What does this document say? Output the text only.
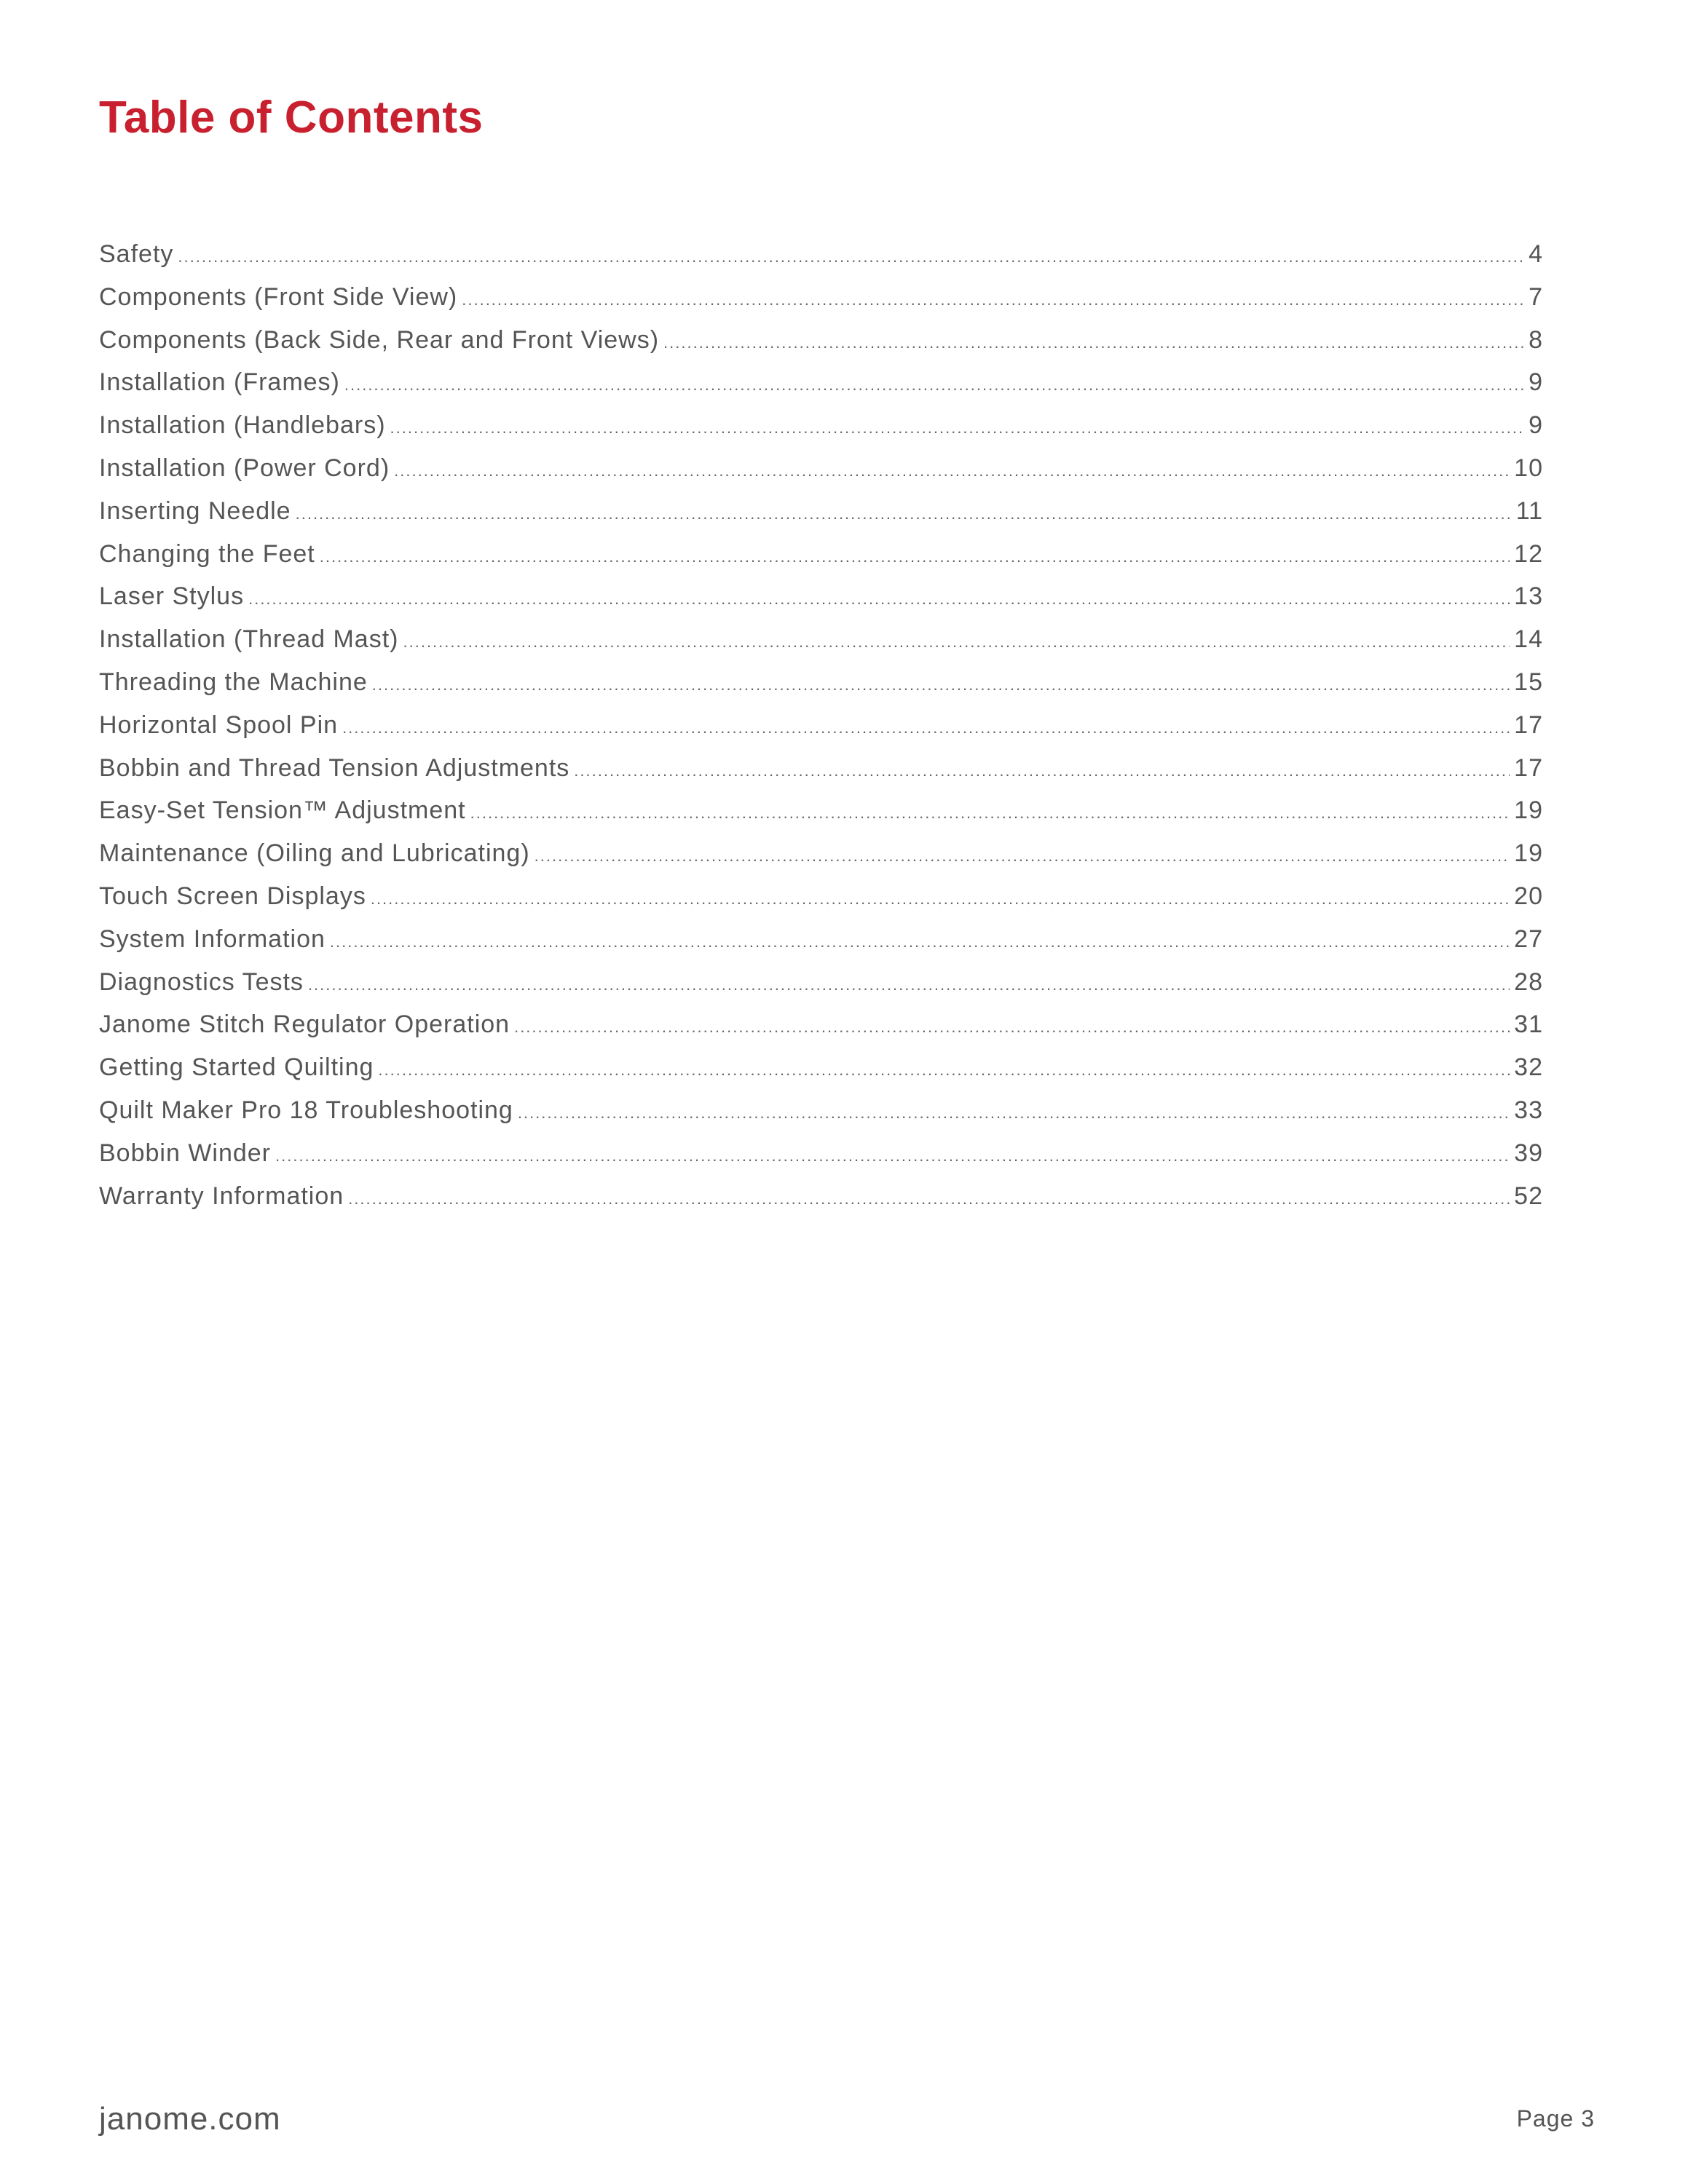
Table of Contents
Safety .....	4
Components (Front Side View) .....	7
Components (Back Side, Rear and Front Views) .....	8
Installation (Frames) .....	9
Installation (Handlebars) .....	9
Installation (Power Cord) .....	10
Inserting Needle .....	11
Changing the Feet .....	12
Laser Stylus .....	13
Installation (Thread Mast) .....	14
Threading the Machine .....	15
Horizontal Spool Pin .....	17
Bobbin and Thread Tension Adjustments .....	17
Easy-Set Tension™ Adjustment .....	19
Maintenance (Oiling and Lubricating) .....	19
Touch Screen Displays .....	20
System Information .....	27
Diagnostics Tests .....	28
Janome Stitch Regulator Operation .....	31
Getting Started Quilting .....	32
Quilt Maker Pro 18 Troubleshooting .....	33
Bobbin Winder .....	39
Warranty Information .....	52
janome.com	Page 3
